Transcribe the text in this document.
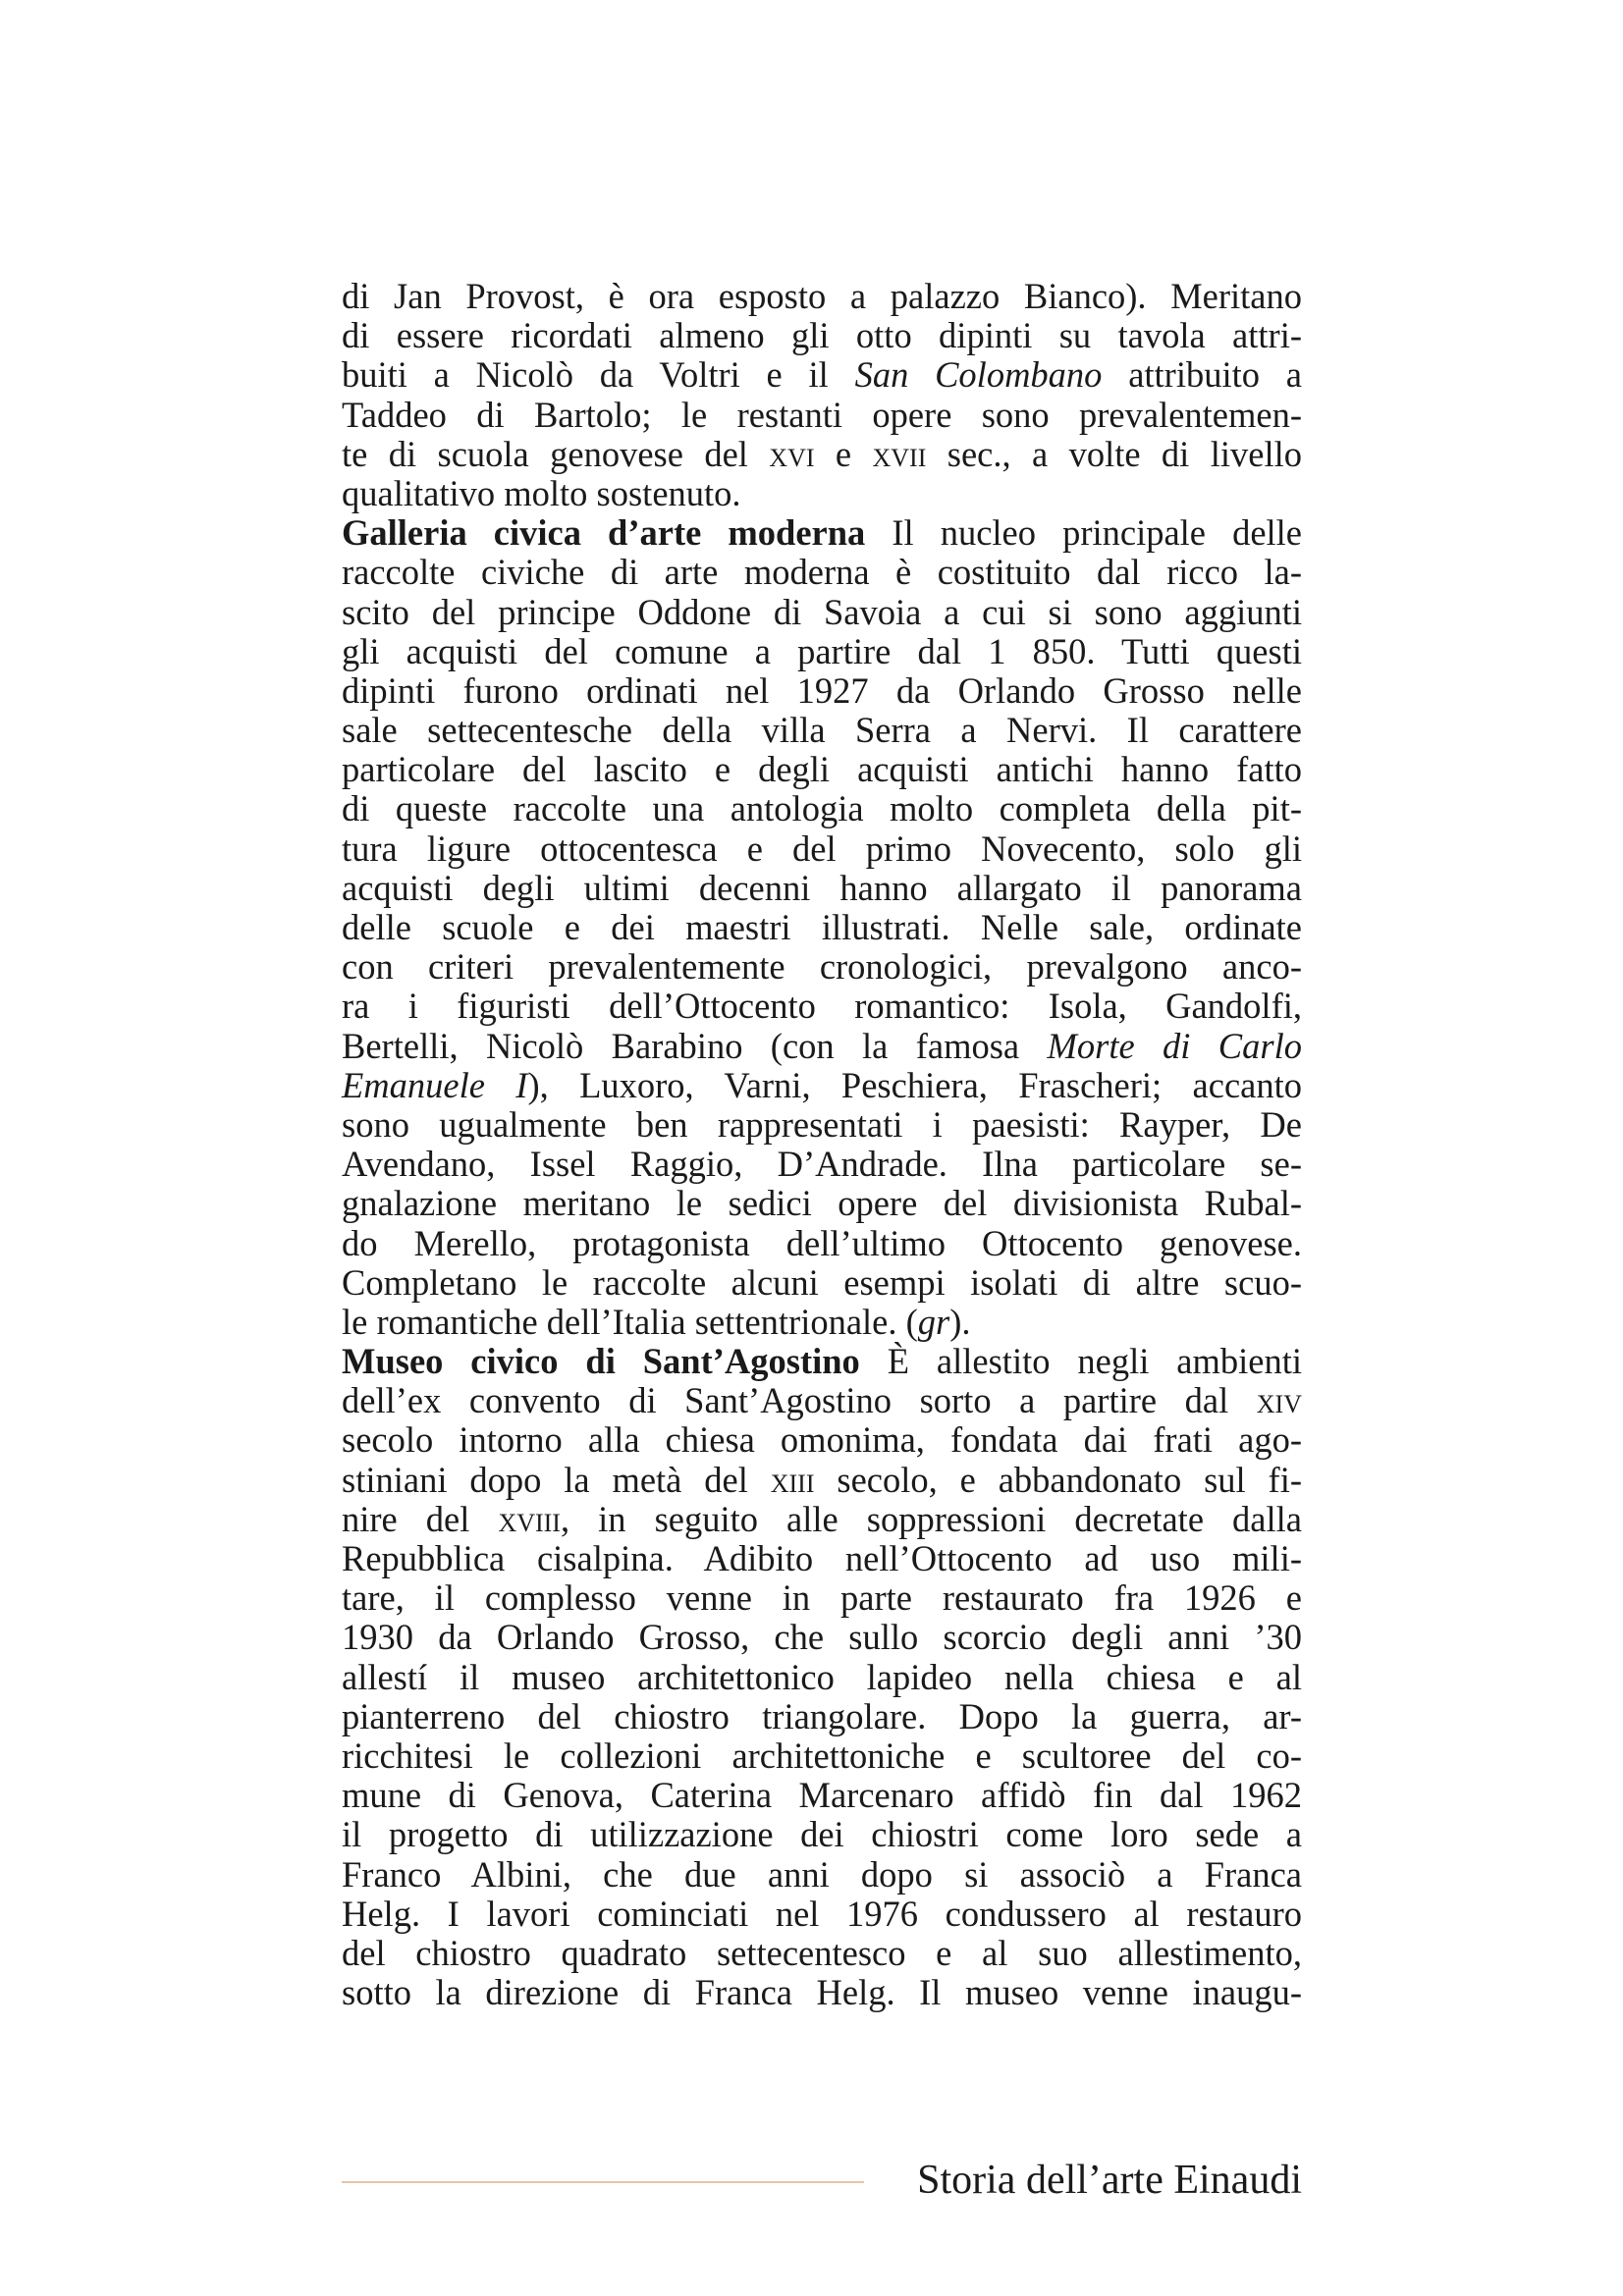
di Jan Provost, è ora esposto a palazzo Bianco). Meritano
di essere ricordati almeno gli otto dipinti su tavola attri-
buiti a Nicolò da Voltri e il San Colombano attribuito a
Taddeo di Bartolo; le restanti opere sono prevalentemen-
te di scuola genovese del xvi e xvii sec., a volte di livello
qualitativo molto sostenuto.
Galleria civica d’arte moderna Il nucleo principale delle
raccolte civiche di arte moderna è costituito dal ricco la-
scito del principe Oddone di Savoia a cui si sono aggiunti
gli acquisti del comune a partire dal 1 850. Tutti questi
dipinti furono ordinati nel 1927 da Orlando Grosso nelle
sale settecentesche della villa Serra a Nervi. Il carattere
particolare del lascito e degli acquisti antichi hanno fatto
di queste raccolte una antologia molto completa della pit-
tura ligure ottocentesca e del primo Novecento, solo gli
acquisti degli ultimi decenni hanno allargato il panorama
delle scuole e dei maestri illustrati. Nelle sale, ordinate
con criteri prevalentemente cronologici, prevalgono anco-
ra i figuristi dell’Ottocento romantico: Isola, Gandolfi,
Bertelli, Nicolò Barabino (con la famosa Morte di Carlo
Emanuele I), Luxoro, Varni, Peschiera, Frascheri; accanto
sono ugualmente ben rappresentati i paesisti: Rayper, De
Avendano, Issel Raggio, D’Andrade. Ilna particolare se-
gnalazione meritano le sedici opere del divisionista Rubal-
do Merello, protagonista dell’ultimo Ottocento genovese.
Completano le raccolte alcuni esempi isolati di altre scuo-
le romantiche dell’Italia settentrionale. (gr).
Museo civico di Sant’Agostino È allestito negli ambienti
dell’ex convento di Sant’Agostino sorto a partire dal xiv
secolo intorno alla chiesa omonima, fondata dai frati ago-
stiniani dopo la metà del xiii secolo, e abbandonato sul fi-
nire del xviii, in seguito alle soppressioni decretate dalla
Repubblica cisalpina. Adibito nell’Ottocento ad uso mili-
tare, il complesso venne in parte restaurato fra 1926 e
1930 da Orlando Grosso, che sullo scorcio degli anni ’30
allestí il museo architettonico lapideo nella chiesa e al
pianterreno del chiostro triangolare. Dopo la guerra, ar-
ricchitesi le collezioni architettoniche e scultoree del co-
mune di Genova, Caterina Marcenaro affidò fin dal 1962
il progetto di utilizzazione dei chiostri come loro sede a
Franco Albini, che due anni dopo si associò a Franca
Helg. I lavori cominciati nel 1976 condussero al restauro
del chiostro quadrato settecentesco e al suo allestimento,
sotto la direzione di Franca Helg. Il museo venne inaugu-
Storia dell’arte Einaudi
